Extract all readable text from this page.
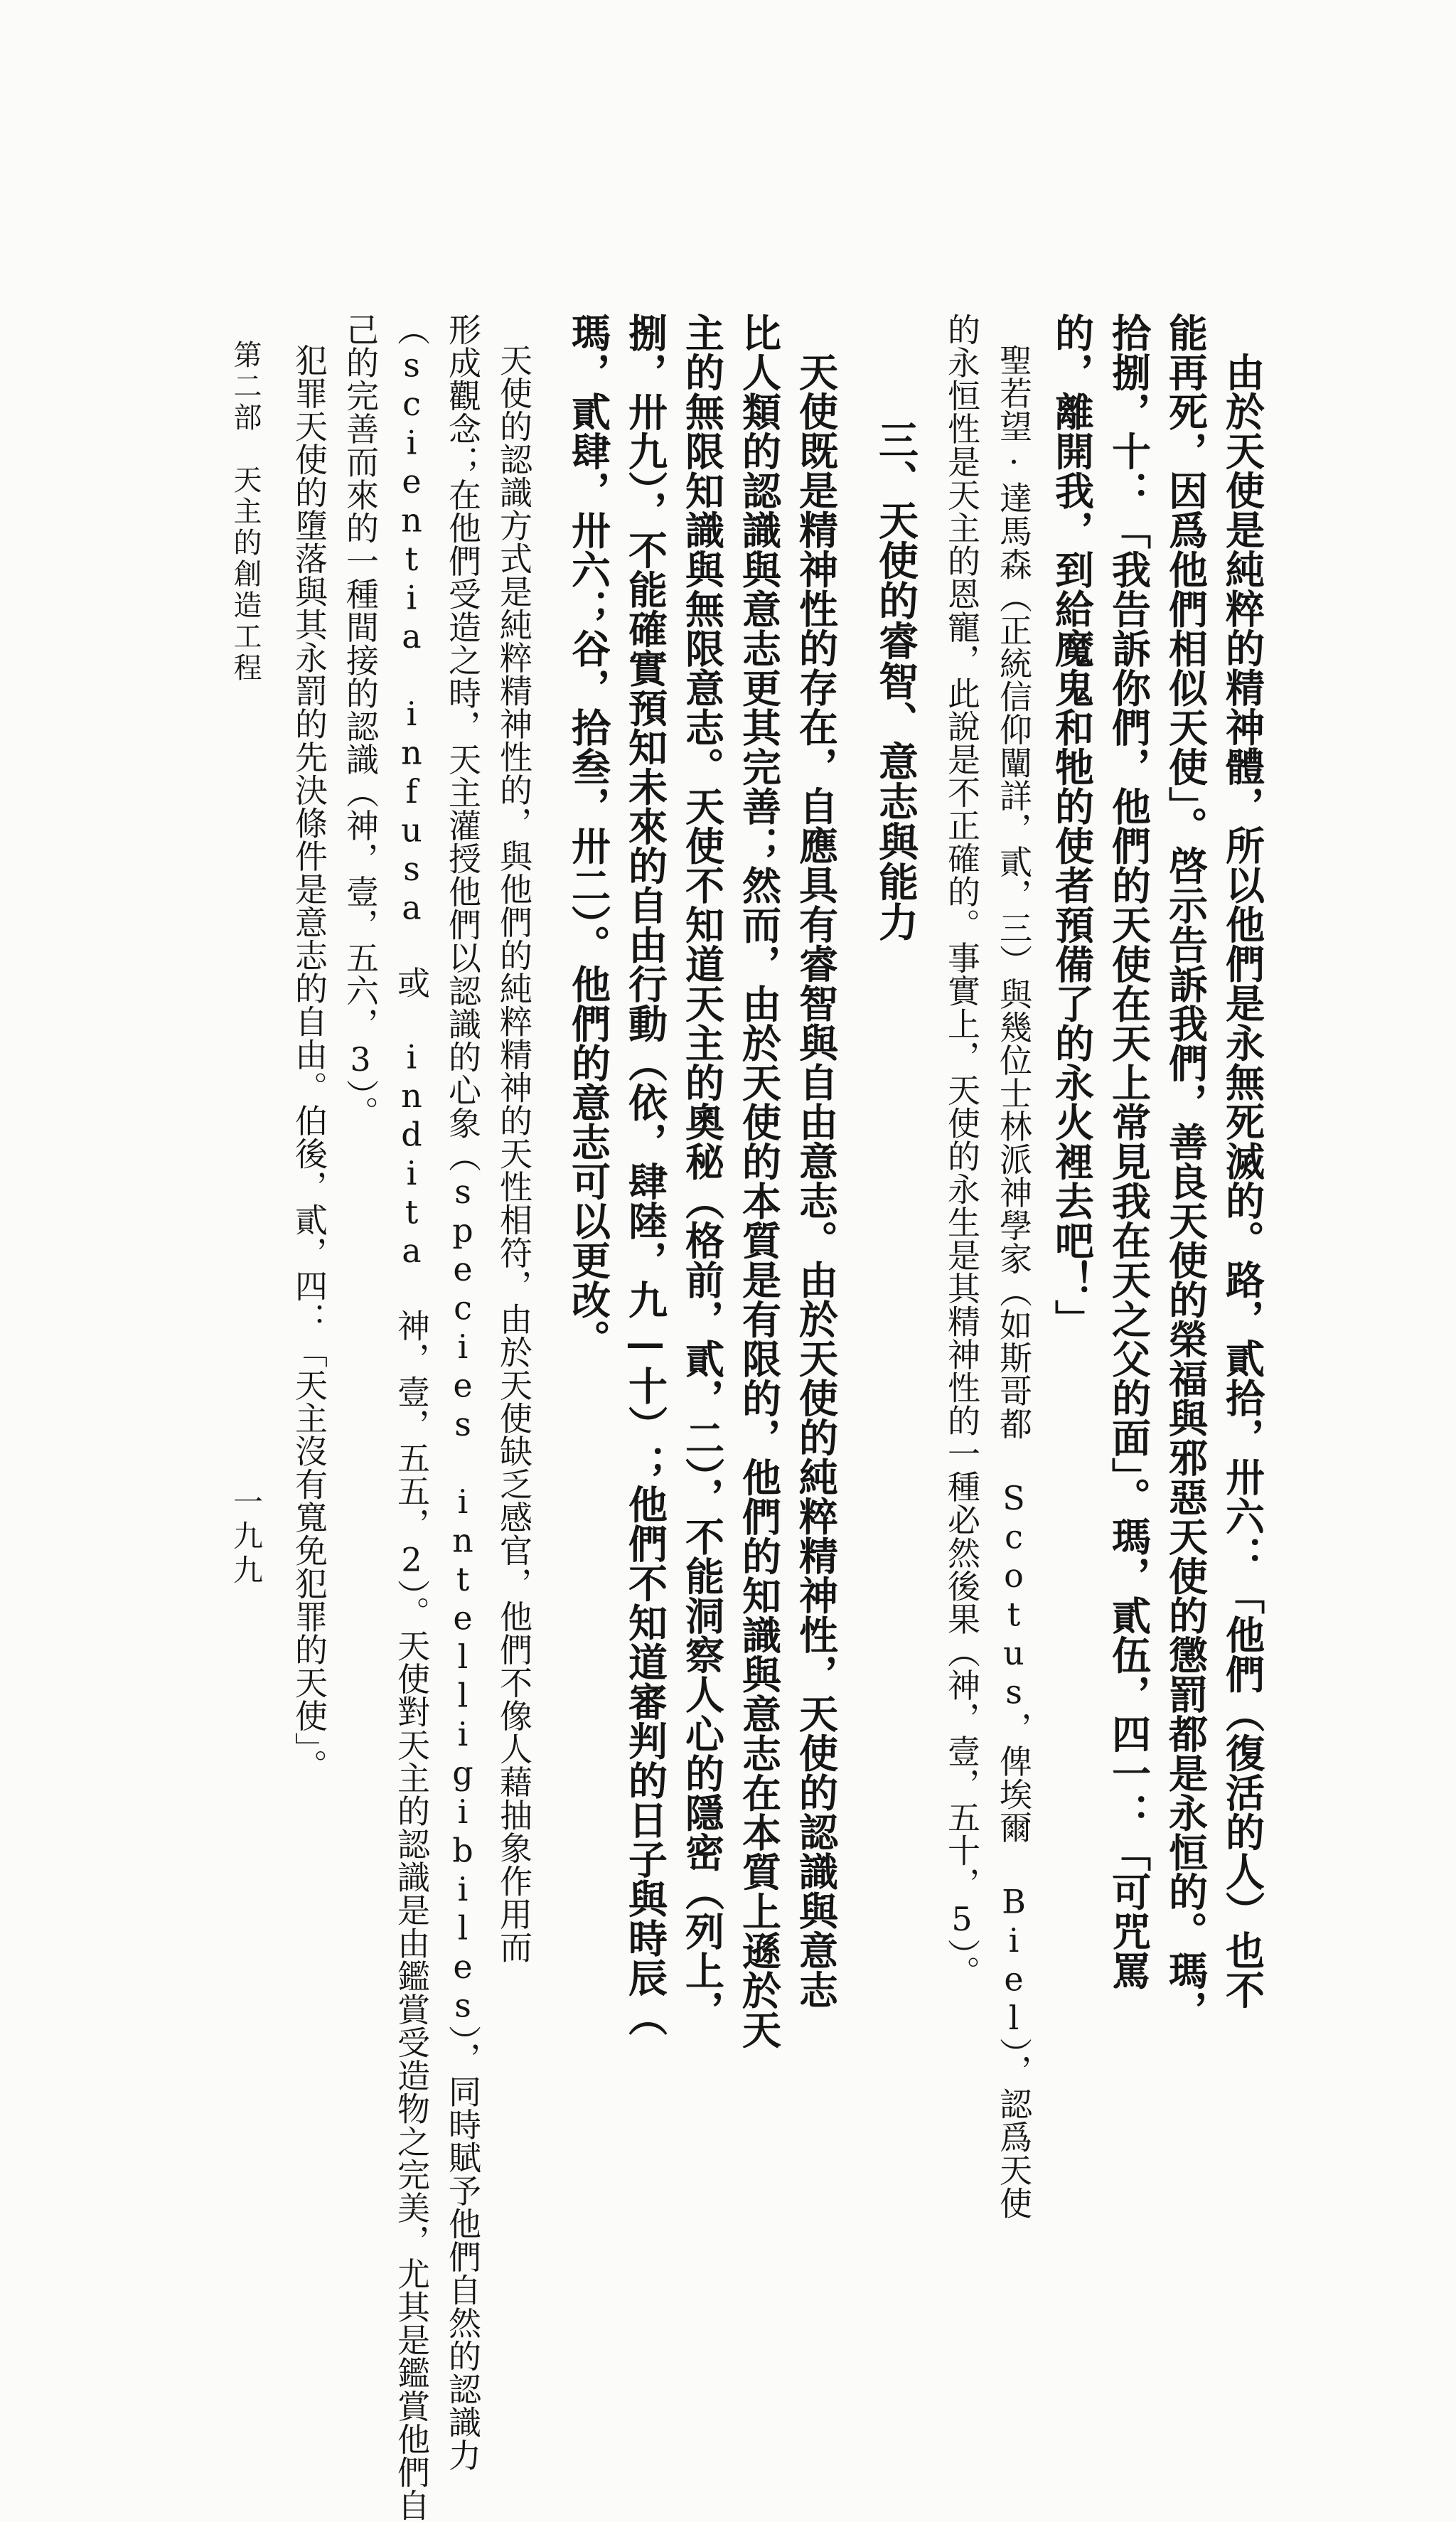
由於天使是純粹的精神體，所以他們是永無死滅的。路，貳拾，卅六：「他們（復活的人）也不
能再死，因爲他們相似天使」。啓示告訴我們，善良天使的榮福與邪惡天使的懲罰都是永恒的。瑪，
拾捌，十：「我告訴你們，他們的天使在天上常見我在天之父的面」。瑪，貳伍，四一：「可咒罵
的，離開我，到給魔鬼和牠的使者預備了的永火裡去吧！」
聖若望·達馬森（正統信仰闡詳，貳，三）與幾位士林派神學家（如斯哥都 Scotus，俾埃爾 Biel），認爲天使
的永恒性是天主的恩寵，此說是不正確的。事實上，天使的永生是其精神性的一種必然後果（神，壹，五十，5）。
三、天使的睿智、意志與能力
天使既是精神性的存在，自應具有睿智與自由意志。由於天使的純粹精神性，天使的認識與意志
比人類的認識與意志更其完善；然而，由於天使的本質是有限的，他們的知識與意志在本質上遜於天
主的無限知識與無限意志。天使不知道天主的奧秘（格前，貳，二），不能洞察人心的隱密（列上，
捌，卅九），不能確實預知未來的自由行動（依，肆陸，九—十）；他們不知道審判的日子與時辰（
瑪，貳肆，卅六；谷，拾叁，卅二）。他們的意志可以更改。
天使的認識方式是純粹精神性的，與他們的純粹精神的天性相符，由於天使缺乏感官，他們不像人藉抽象作用而
形成觀念；在他們受造之時，天主灌授他們以認識的心象（species intelligibiles），同時賦予他們自然的認識力
（scientia infusa 或 indita 神，壹，五五，2）。天使對天主的認識是由鑑賞受造物之完美，尤其是鑑賞他們自
己的完善而來的一種間接的認識（神，壹，五六，3）。
犯罪天使的墮落與其永罰的先決條件是意志的自由。伯後，貳，四：「天主沒有寬免犯罪的天使」。
第二部　天主的創造工程
一九九
